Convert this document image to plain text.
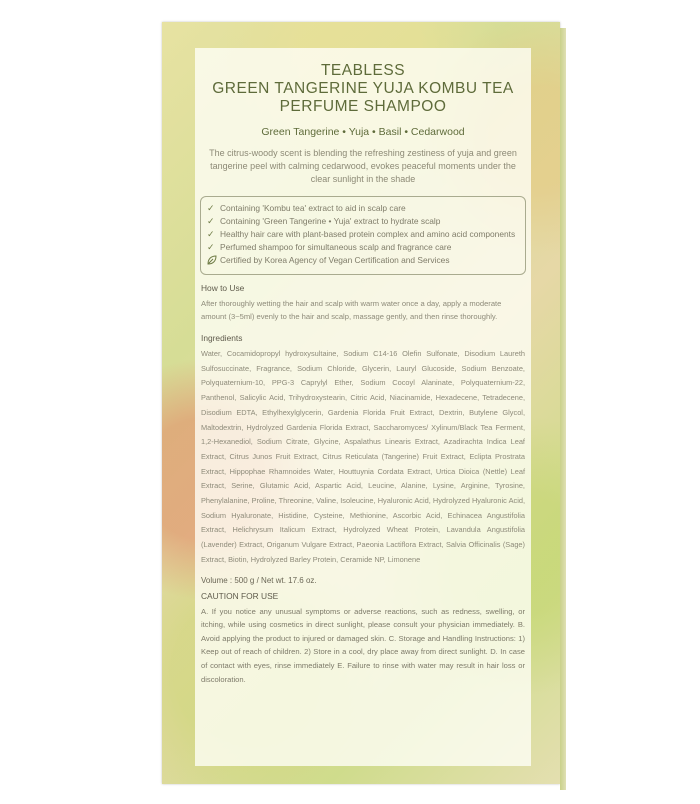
TEABLESS
GREEN TANGERINE YUJA KOMBU TEA
PERFUME SHAMPOO
Green Tangerine • Yuja • Basil • Cedarwood
The citrus-woody scent is blending the refreshing zestiness of yuja and green tangerine peel with calming cedarwood, evokes peaceful moments under the clear sunlight in the shade
✓ Containing 'Kombu tea' extract to aid in scalp care
✓ Containing 'Green Tangerine • Yuja' extract to hydrate scalp
✓ Healthy hair care with plant-based protein complex and amino acid components
✓ Perfumed shampoo for simultaneous scalp and fragrance care
Certified by Korea Agency of Vegan Certification and Services
How to Use
After thoroughly wetting the hair and scalp with warm water once a day, apply a moderate amount (3~5ml) evenly to the hair and scalp, massage gently, and then rinse thoroughly.
Ingredients
Water, Cocamidopropyl hydroxysultaine, Sodium C14-16 Olefin Sulfonate, Disodium Laureth Sulfosuccinate, Fragrance, Sodium Chloride, Glycerin, Lauryl Glucoside, Sodium Benzoate, Polyquaternium-10, PPG-3 Caprylyl Ether, Sodium Cocoyl Alaninate, Polyquaternium-22, Panthenol, Salicylic Acid, Trihydroxystearin, Citric Acid, Niacinamide, Hexadecene, Tetradecene, Disodium EDTA, Ethylhexylglycerin, Gardenia Florida Fruit Extract, Dextrin, Butylene Glycol, Maltodextrin, Hydrolyzed Gardenia Florida Extract, Saccharomyces/ Xylinum/Black Tea Ferment, 1,2-Hexanediol, Sodium Citrate, Glycine, Aspalathus Linearis Extract, Azadirachta Indica Leaf Extract, Citrus Junos Fruit Extract, Citrus Reticulata (Tangerine) Fruit Extract, Eclipta Prostrata Extract, Hippophae Rhamnoides Water, Houttuynia Cordata Extract, Urtica Dioica (Nettle) Leaf Extract, Serine, Glutamic Acid, Aspartic Acid, Leucine, Alanine, Lysine, Arginine, Tyrosine, Phenylalanine, Proline, Threonine, Valine, Isoleucine, Hyaluronic Acid, Hydrolyzed Hyaluronic Acid, Sodium Hyaluronate, Histidine, Cysteine, Methionine, Ascorbic Acid, Echinacea Angustifolia Extract, Helichrysum Italicum Extract, Hydrolyzed Wheat Protein, Lavandula Angustifolia (Lavender) Extract, Origanum Vulgare Extract, Paeonia Lactiflora Extract, Salvia Officinalis (Sage) Extract, Biotin, Hydrolyzed Barley Protein, Ceramide NP, Limonene
Volume : 500 g / Net wt. 17.6 oz.
CAUTION FOR USE
A. If you notice any unusual symptoms or adverse reactions, such as redness, swelling, or itching, while using cosmetics in direct sunlight, please consult your physician immediately. B. Avoid applying the product to injured or damaged skin. C. Storage and Handling Instructions: 1) Keep out of reach of children. 2) Store in a cool, dry place away from direct sunlight. D. In case of contact with eyes, rinse immediately E. Failure to rinse with water may result in hair loss or discoloration.
